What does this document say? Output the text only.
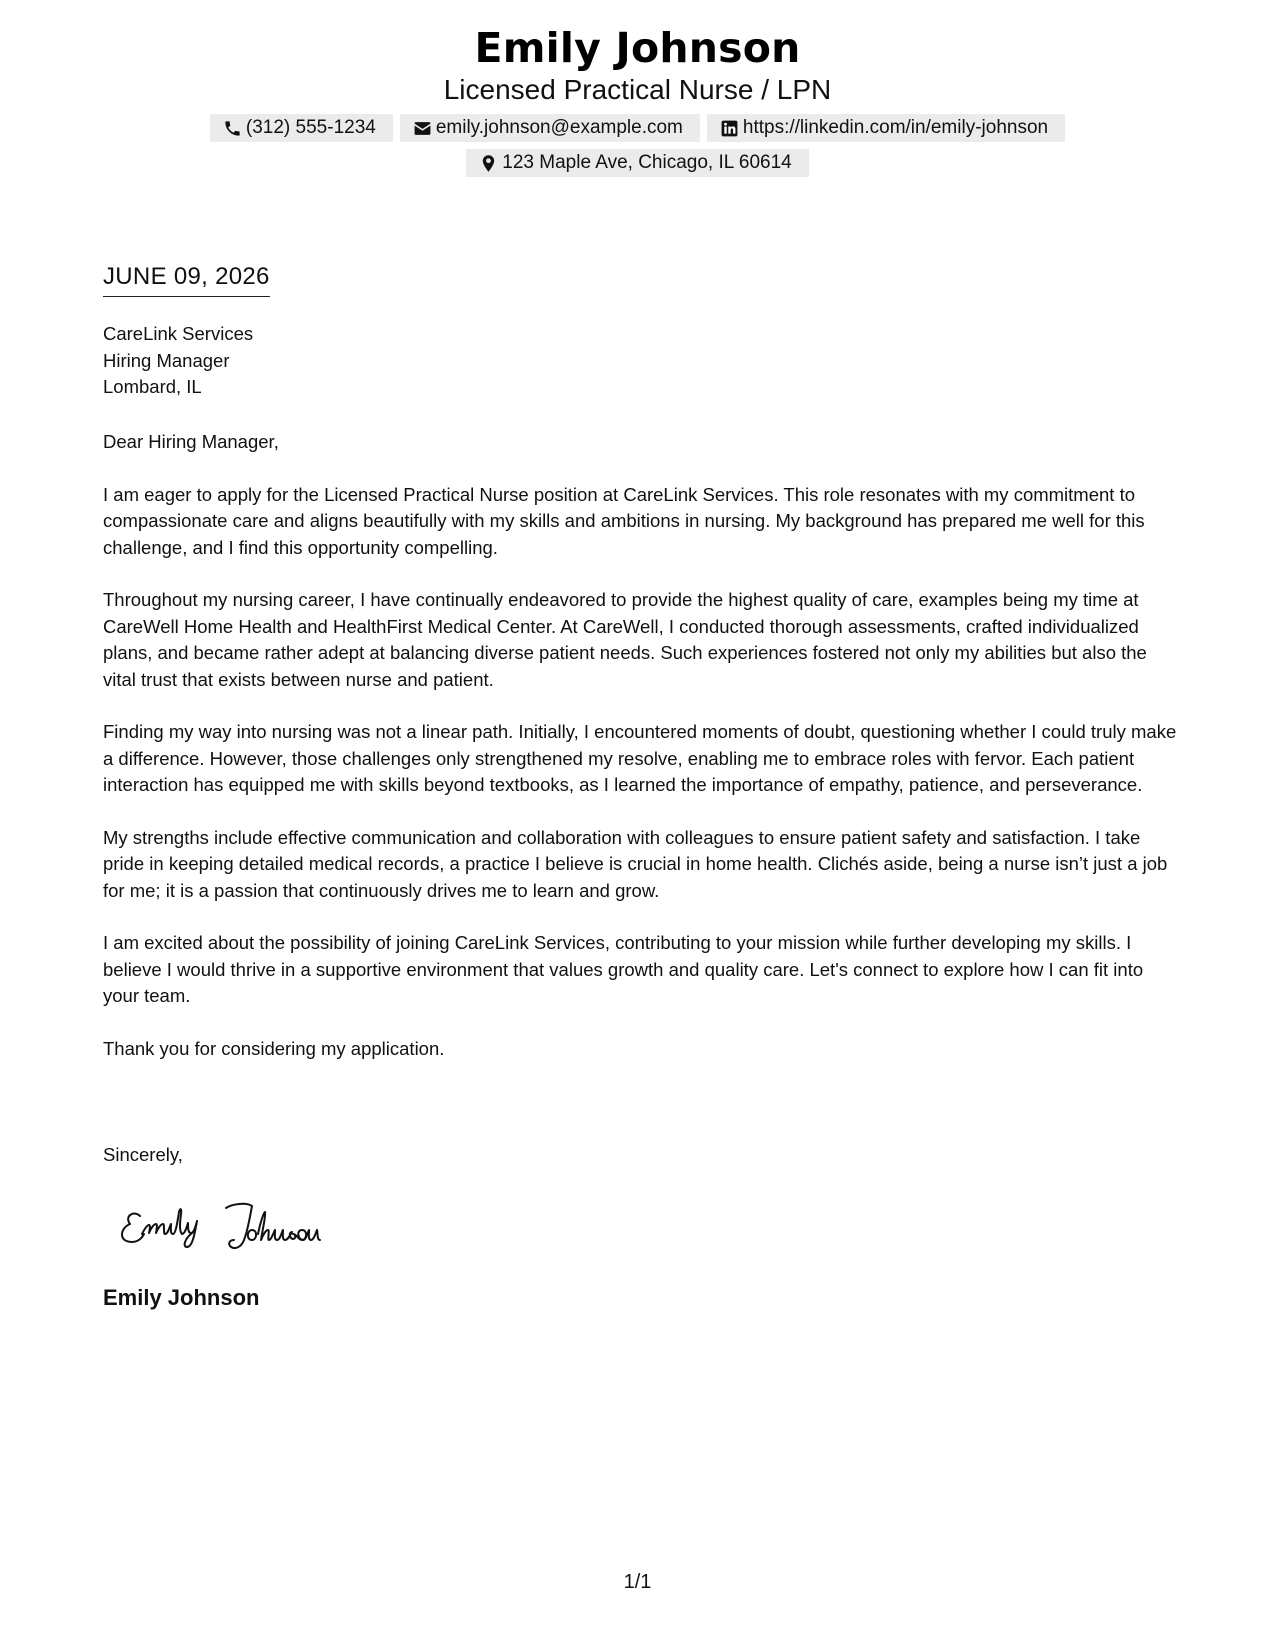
Emily Johnson
Licensed Practical Nurse / LPN
(312) 555-1234	emily.johnson@example.com	https://linkedin.com/in/emily-johnson
123 Maple Ave, Chicago, IL 60614
JUNE 09, 2026
CareLink Services
Hiring Manager
Lombard, IL

Dear Hiring Manager,

I am eager to apply for the Licensed Practical Nurse position at CareLink Services. This role resonates with my commitment to compassionate care and aligns beautifully with my skills and ambitions in nursing. My background has prepared me well for this challenge, and I find this opportunity compelling.

Throughout my nursing career, I have continually endeavored to provide the highest quality of care, examples being my time at CareWell Home Health and HealthFirst Medical Center. At CareWell, I conducted thorough assessments, crafted individualized plans, and became rather adept at balancing diverse patient needs. Such experiences fostered not only my abilities but also the vital trust that exists between nurse and patient.

Finding my way into nursing was not a linear path. Initially, I encountered moments of doubt, questioning whether I could truly make a difference. However, those challenges only strengthened my resolve, enabling me to embrace roles with fervor. Each patient interaction has equipped me with skills beyond textbooks, as I learned the importance of empathy, patience, and perseverance.

My strengths include effective communication and collaboration with colleagues to ensure patient safety and satisfaction. I take pride in keeping detailed medical records, a practice I believe is crucial in home health. Clichés aside, being a nurse isn’t just a job for me; it is a passion that continuously drives me to learn and grow.

I am excited about the possibility of joining CareLink Services, contributing to your mission while further developing my skills. I believe I would thrive in a supportive environment that values growth and quality care. Let's connect to explore how I can fit into your team.

Thank you for considering my application.

Sincerely,
Emily Johnson
1/1
